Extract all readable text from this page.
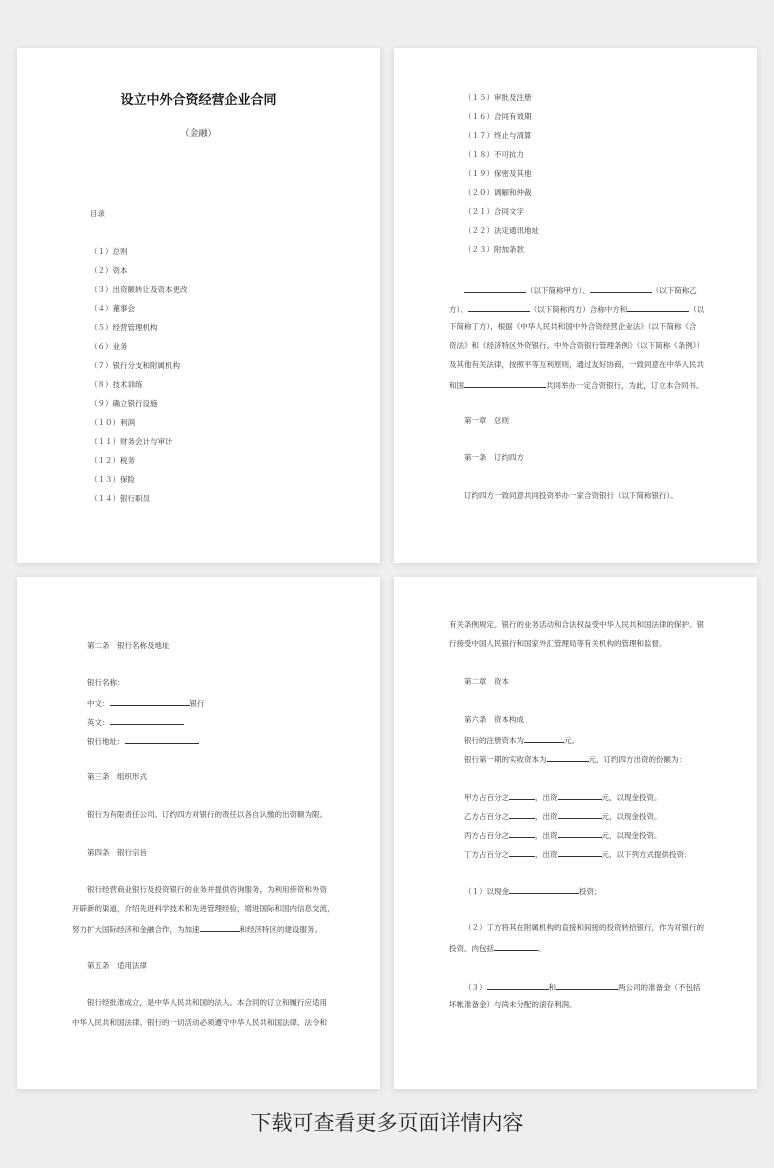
设立中外合资经营企业合同
（金融）
目录
（１）总则
（２）资本
（３）出资额转让及资本更改
（４）董事会
（５）经营管理机构
（６）业务
（７）银行分支和附属机构
（８）技术训练
（９）确立银行设施
（１０）利润
（１１）财务会计与审计
（１２）税务
（１３）保险
（１４）银行职员
（１５）审批及注册
（１６）合同有效期
（１７）终止与清算
（１８）不可抗力
（１９）保密及其他
（２０）调解和仲裁
（２１）合同文字
（２２）法定通讯地址
（２３）附加条款
（以下简称甲方）、	（以下简称乙
方）、	（以下简称丙方）合称中方和	（以
下简称丁方），根据《中华人民共和国中外合资经营企业法》（以下简称《合
资法》和《经济特区外资银行、中外合资银行管理条例》（以下简称《条例》）
及其他有关法律，按照平等互利原则，通过友好协商，一致同意在中华人民共
和国	共同举办一定合资银行，为此，订立本合同书。
第一章　总则
第一条　订约四方
订约四方一致同意共同投资举办一家合资银行（以下简称银行）。
第二条　银行名称及地址
银行名称：
中文：	银行
英文：
银行地址：
第三条　组织形式
银行为有限责任公司。订约四方对银行的责任以各自认缴的出资额为限。
第四条　银行宗旨
银行经营商业银行及投资银行的业务并提供咨询服务，为利用侨资和外资
开辟新的渠道，介绍先进科学技术和先进管理经验，增进国际和国内信息交流，
努力扩大国际经济和金融合作，为加速	和经济特区的建设服务。
第五条　适用法律
银行经批准成立，是中华人民共和国的法人。本合同的订立和履行应适用
中华人民共和国法律。银行的一切活动必须遵守中华人民共和国法律、法令和
有关条例规定。银行的业务活动和合法权益受中华人民共和国法律的保护。银
行接受中国人民银行和国家外汇管理局等有关机构的管理和监督。
第二章　资本
第六条　资本构成
银行的注册资本为	元。
银行第一期的实收资本为	元，订约四方出资的份额为：
甲方占百分之	，出资	元，以现金投资。
乙方占百分之	，出资	元，以现金投资。
丙方占百分之	，出资	元，以现金投资。
丁方占百分之	，出资	元，以下列方式提供投资：
（１）以现金	投资；
（２）丁方将其在附属机构的直接和间接的投资转拾银行，作为对银行的
投资。内包括	。
（３）	和	两公司的准备金（不包括
坏帐准备金）与尚未分配的滚存利润。
下载可查看更多页面详情内容
